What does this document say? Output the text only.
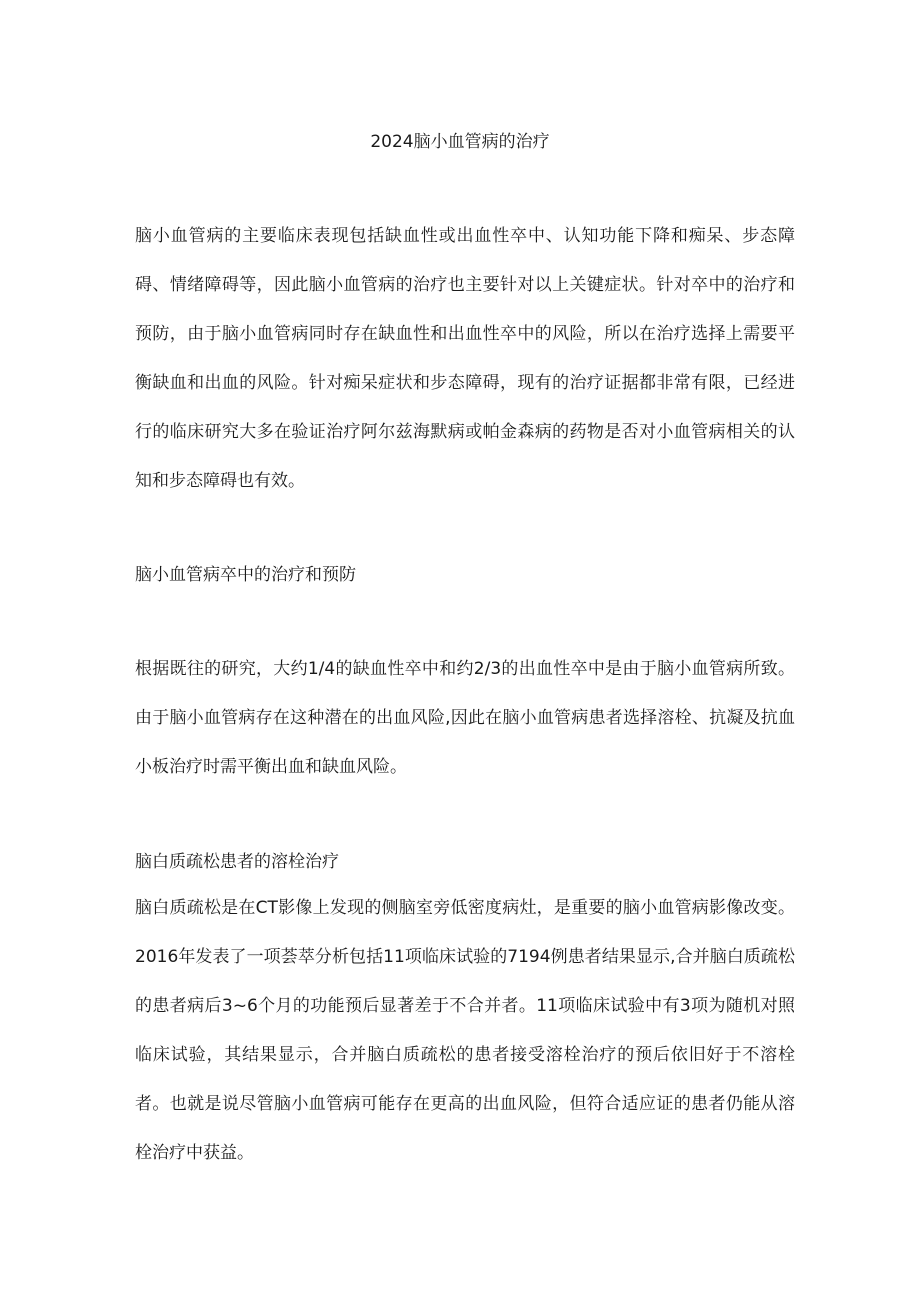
2024脑小血管病的治疗

脑小血管病的主要临床表现包括缺血性或出血性卒中、认知功能下降和痴呆、步态障碍、情绪障碍等，因此脑小血管病的治疗也主要针对以上关键症状。针对卒中的治疗和预防，由于脑小血管病同时存在缺血性和出血性卒中的风险，所以在治疗选择上需要平衡缺血和出血的风险。针对痴呆症状和步态障碍，现有的治疗证据都非常有限，已经进行的临床研究大多在验证治疗阿尔兹海默病或帕金森病的药物是否对小血管病相关的认知和步态障碍也有效。

脑小血管病卒中的治疗和预防

根据既往的研究，大约1/4的缺血性卒中和约2/3的出血性卒中是由于脑小血管病所致。由于脑小血管病存在这种潜在的出血风险,因此在脑小血管病患者选择溶栓、抗凝及抗血小板治疗时需平衡出血和缺血风险。

脑白质疏松患者的溶栓治疗

脑白质疏松是在CT影像上发现的侧脑室旁低密度病灶，是重要的脑小血管病影像改变。2016年发表了一项荟萃分析包括11项临床试验的7194例患者结果显示,合并脑白质疏松的患者病后3~6个月的功能预后显著差于不合并者。11项临床试验中有3项为随机对照临床试验，其结果显示，合并脑白质疏松的患者接受溶栓治疗的预后依旧好于不溶栓者。也就是说尽管脑小血管病可能存在更高的出血风险，但符合适应证的患者仍能从溶栓治疗中获益。
